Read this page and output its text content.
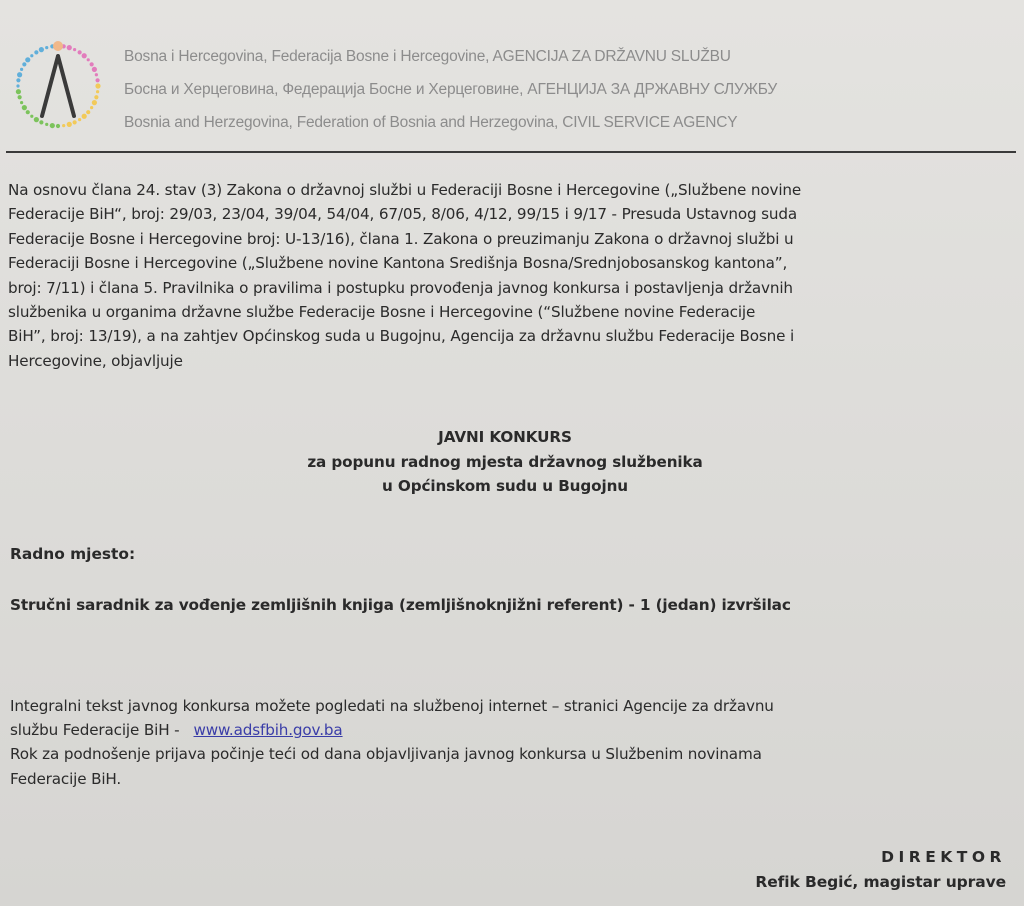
Bosna i Hercegovina, Federacija Bosne i Hercegovine, AGENCIJA ZA DRŽAVNU SLUŽBU
Босна и Херцеговина, Федерација Босне и Херцеговине, АГЕНЦИЈА ЗА ДРЖАВНУ СЛУЖБУ
Bosnia and Herzegovina, Federation of Bosnia and Herzegovina, CIVIL SERVICE AGENCY
Na osnovu člana 24. stav (3) Zakona o državnoj službi u Federaciji Bosne i Hercegovine („Službene novine
Federacije BiH“, broj: 29/03, 23/04, 39/04, 54/04, 67/05, 8/06, 4/12, 99/15 i 9/17 - Presuda Ustavnog suda
Federacije Bosne i Hercegovine broj: U-13/16), člana 1. Zakona o preuzimanju Zakona o državnoj službi u
Federaciji Bosne i Hercegovine („Službene novine Kantona Središnja Bosna/Srednjobosanskog kantona”,
broj: 7/11) i člana 5. Pravilnika o pravilima i postupku provođenja javnog konkursa i postavljenja državnih
službenika u organima državne službe Federacije Bosne i Hercegovine (“Službene novine Federacije
BiH”, broj: 13/19), a na zahtjev Općinskog suda u Bugojnu, Agencija za državnu službu Federacije Bosne i
Hercegovine, objavljuje
JAVNI KONKURS
za popunu radnog mjesta državnog službenika
u Općinskom sudu u Bugojnu
Radno mjesto:
Stručni saradnik za vođenje zemljišnih knjiga (zemljišnoknjižni referent) - 1 (jedan) izvršilac
Integralni tekst javnog konkursa možete pogledati na službenoj internet – stranici Agencije za državnu
službu Federacije BiH - www.adsfbih.gov.ba
Rok za podnošenje prijava počinje teći od dana objavljivanja javnog konkursa u Službenim novinama
Federacije BiH.
DIREKTOR
Refik Begić, magistar uprave
